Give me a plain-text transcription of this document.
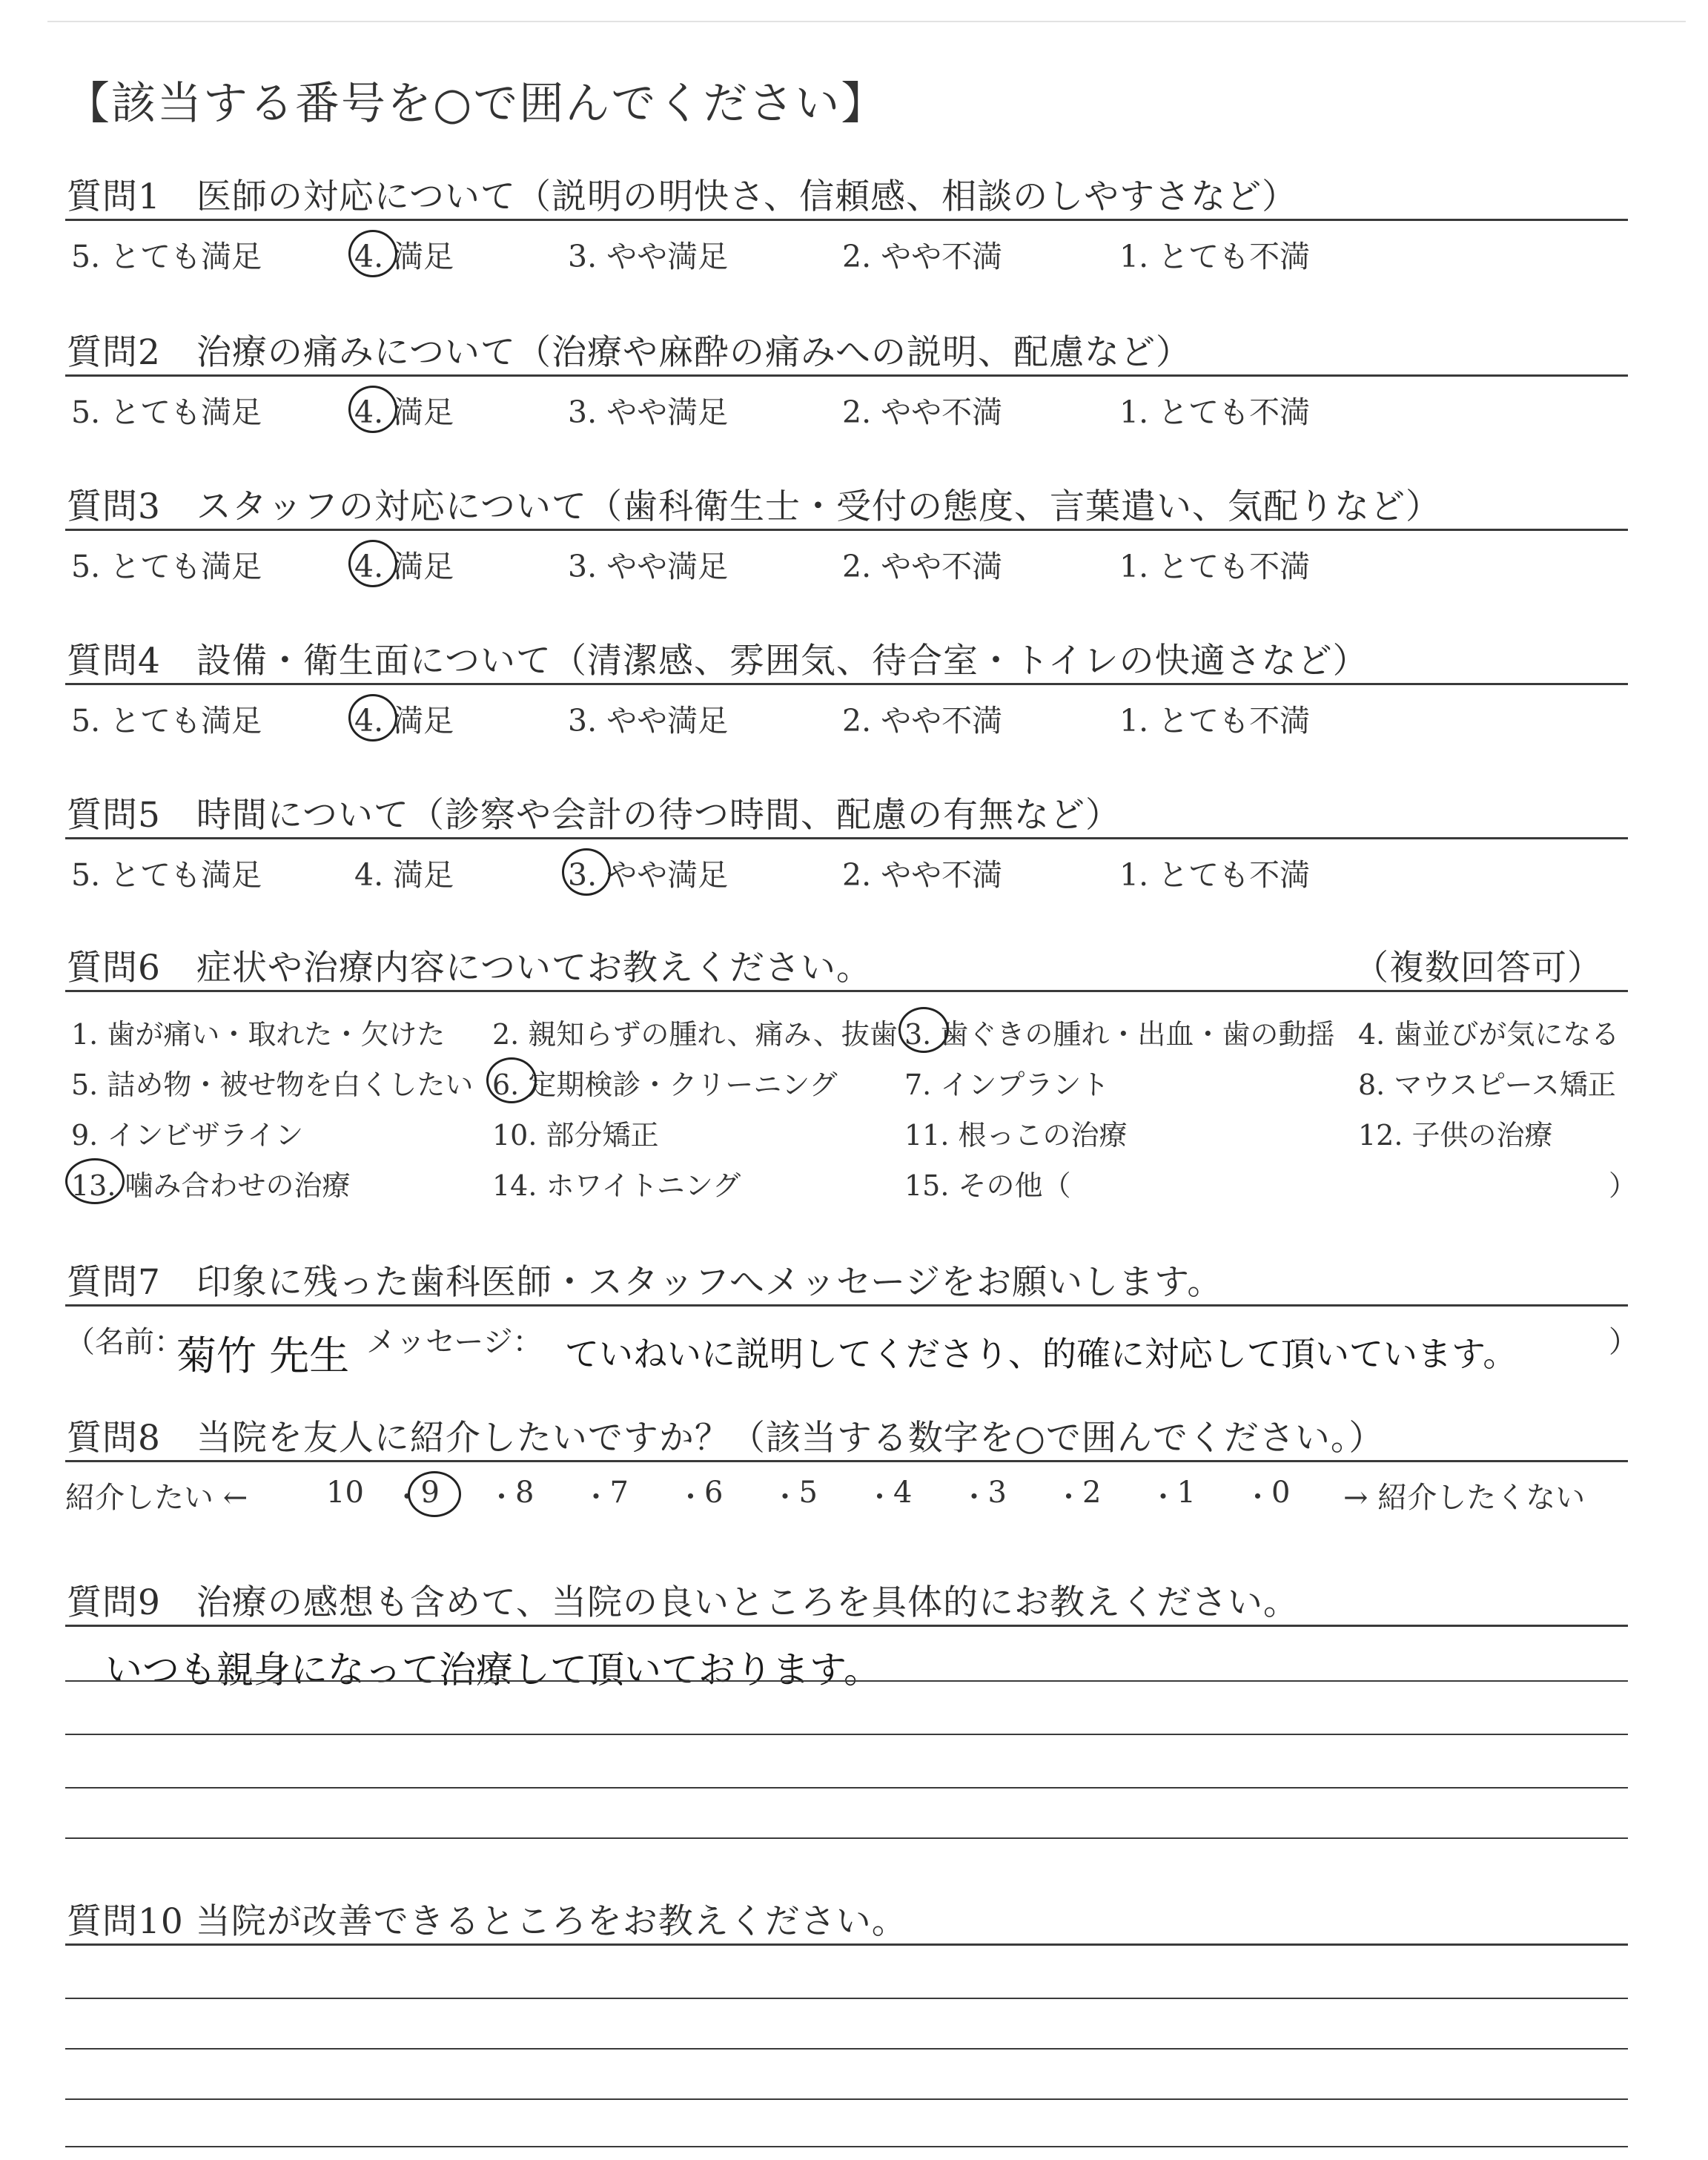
【該当する番号を○で囲んでください】
質問1　医師の対応について（説明の明快さ、信頼感、相談のしやすさなど）
5. とても満足	4. 満足	3. やや満足	2. やや不満	1. とても不満
質問2　治療の痛みについて（治療や麻酔の痛みへの説明、配慮など）
5. とても満足	4. 満足	3. やや満足	2. やや不満	1. とても不満
質問3　スタッフの対応について（歯科衛生士・受付の態度、言葉遣い、気配りなど）
5. とても満足	4. 満足	3. やや満足	2. やや不満	1. とても不満
質問4　設備・衛生面について（清潔感、雰囲気、待合室・トイレの快適さなど）
5. とても満足	4. 満足	3. やや満足	2. やや不満	1. とても不満
質問5　時間について（診察や会計の待つ時間、配慮の有無など）
5. とても満足	4. 満足	3. やや満足	2. やや不満	1. とても不満
質問6　症状や治療内容についてお教えください。	（複数回答可）
1. 歯が痛い・取れた・欠けた 2. 親知らずの腫れ、痛み、抜歯 3. 歯ぐきの腫れ・出血・歯の動揺 4. 歯並びが気になる
5. 詰め物・被せ物を白くしたい 6. 定期検診・クリーニング 7. インプラント	8. マウスピース矯正
9. インビザライン	10. 部分矯正	11. 根っこの治療	12. 子供の治療
13. 噛み合わせの治療	14. ホワイトニング	15. その他（	）
質問7　印象に残った歯科医師・スタッフへメッセージをお願いします。
（名前：
菊竹 先生 メッセージ： ていねいに説明してくださり、的確に対応して頂いています。	）
質問8　当院を友人に紹介したいですか？（該当する数字を○で囲んでください。）
紹介したい ←	10 ・ 9 ・ 8 ・ 7 ・ 6 ・ 5 ・ 4 ・ 3 ・ 2 ・ 1 ・ 0 → 紹介したくない
質問9　治療の感想も含めて、当院の良いところを具体的にお教えください。
いつも親身になって治療して頂いております。
質問10 当院が改善できるところをお教えください。
